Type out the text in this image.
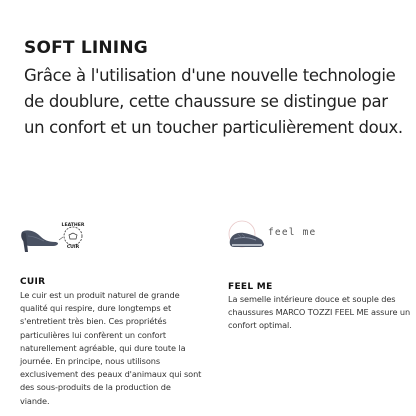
SOFT LINING

Grâce à l'utilisation d'une nouvelle technologie de doublure, cette chaussure se distingue par un confort et un toucher particulièrement doux.

LEATHER
CUIR
CUIR

Le cuir est un produit naturel de grande qualité qui respire, dure longtemps et s'entretient très bien. Ces propriétés particulières lui confèrent un confort naturellement agréable, qui dure toute la journée. En principe, nous utilisons exclusivement des peaux d'animaux qui sont des sous-produits de la production de viande.

feel me
FEEL ME

La semelle intérieure douce et souple des chaussures MARCO TOZZI FEEL ME assure un confort optimal.
